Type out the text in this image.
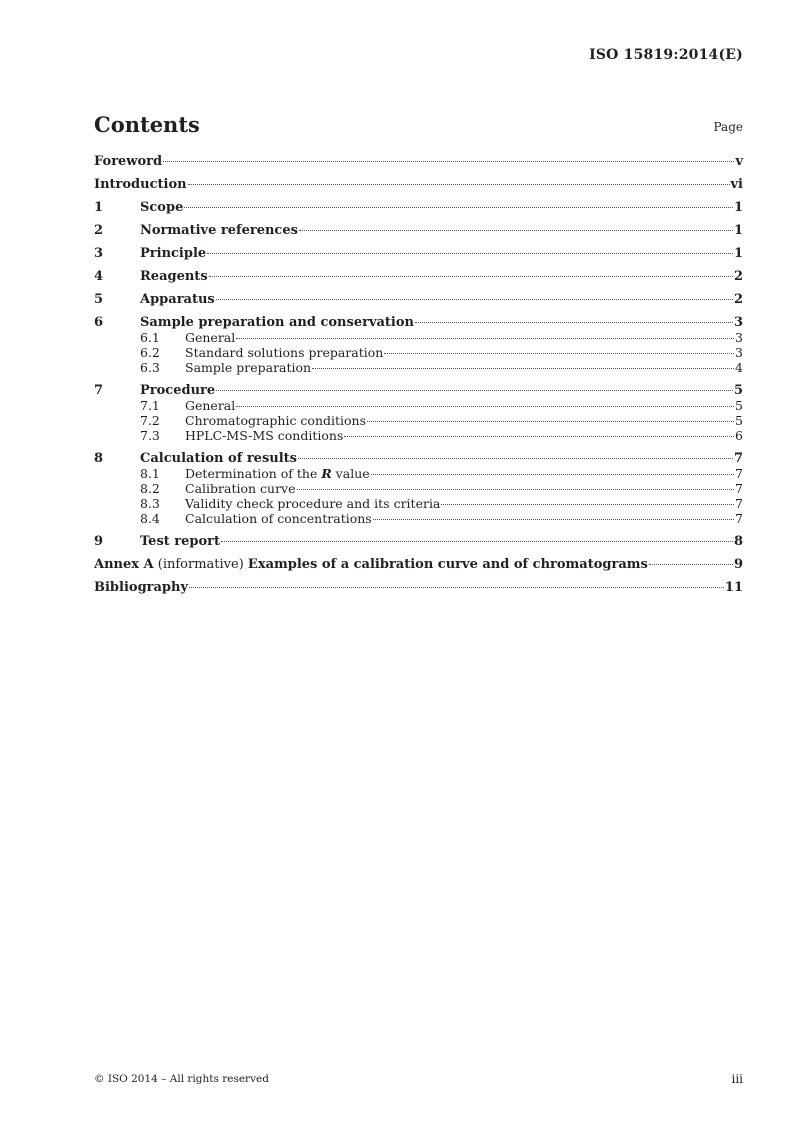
ISO 15819:2014(E)
Contents	Page
Foreword	v
Introduction	vi
1	Scope	1
2	Normative references	1
3	Principle	1
4	Reagents	2
5	Apparatus	2
6	Sample preparation and conservation	3
6.1	General	3
6.2	Standard solutions preparation	3
6.3	Sample preparation	4
7	Procedure	5
7.1	General	5
7.2	Chromatographic conditions	5
7.3	HPLC-MS-MS conditions	6
8	Calculation of results	7
8.1	Determination of the R value	7
8.2	Calibration curve	7
8.3	Validity check procedure and its criteria	7
8.4	Calculation of concentrations	7
9	Test report	8
Annex A (informative) Examples of a calibration curve and of chromatograms	9
Bibliography	11
© ISO 2014 – All rights reserved	iii
